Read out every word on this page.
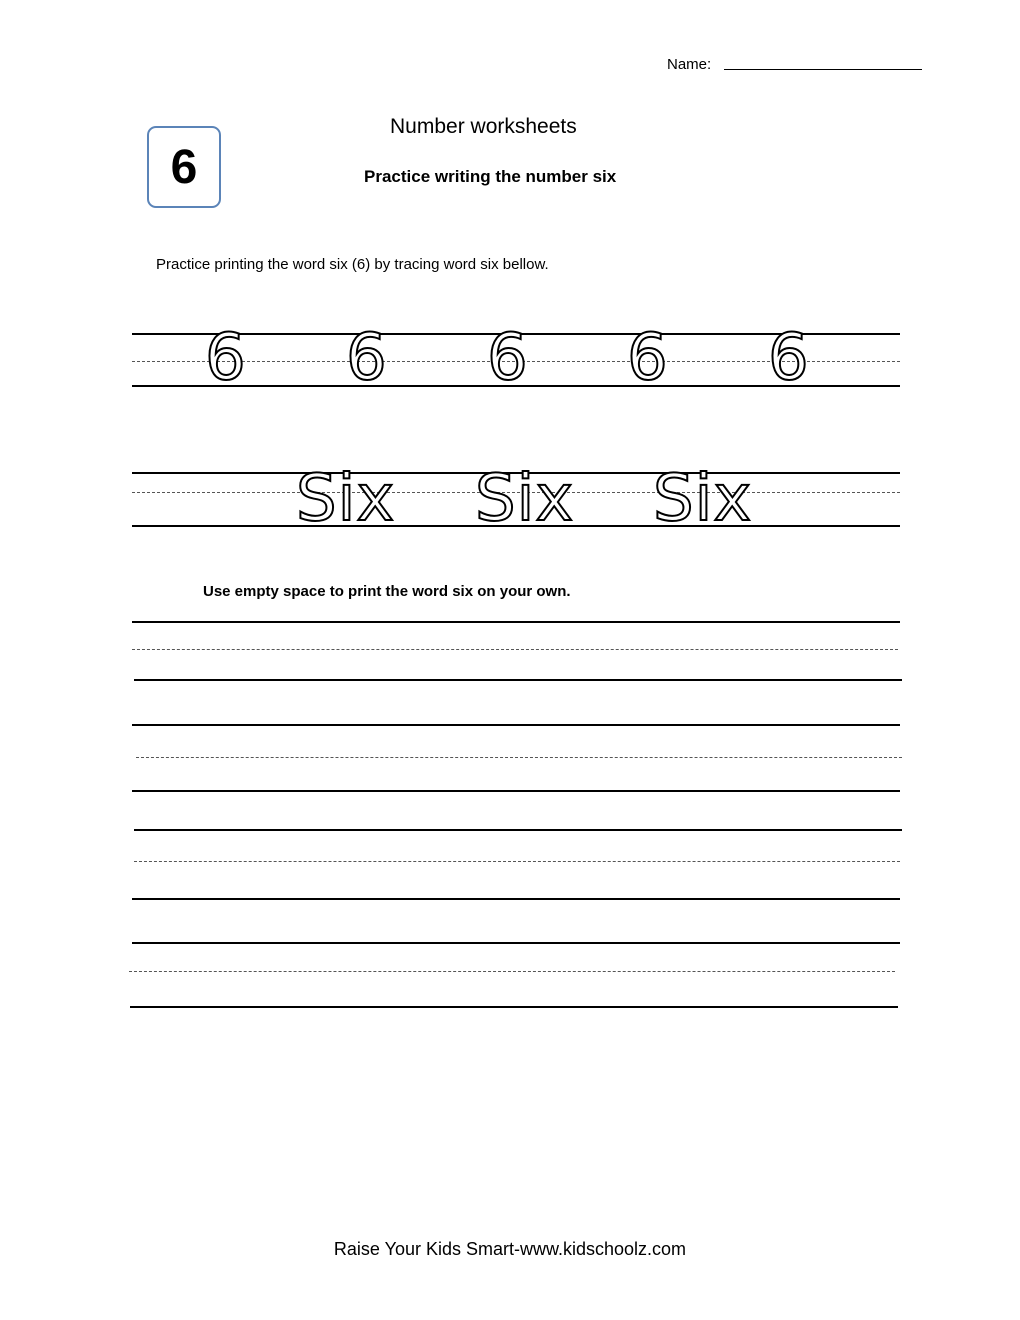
Name:
6
Number worksheets
Practice writing the number six
Practice printing the word six (6) by tracing word six bellow.
6 6 6 6 6
Six Six Six
Use empty space to print the word six on your own.
Raise Your Kids Smart-www.kidschoolz.com
